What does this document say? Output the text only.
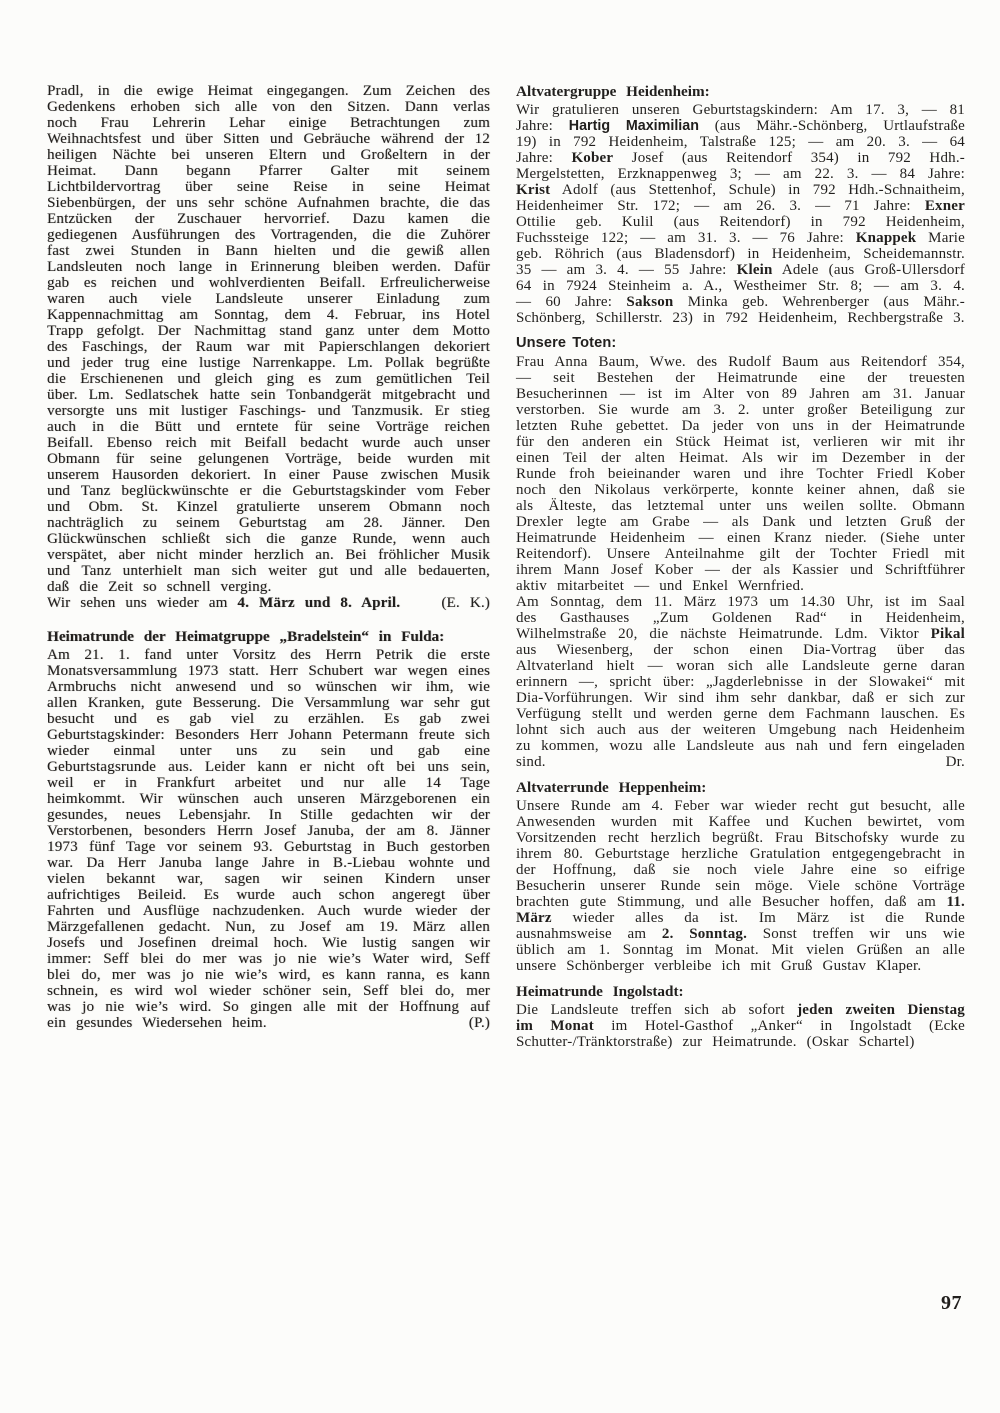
Pradl, in die ewige Heimat eingegangen. Zum Zeichen des Gedenkens erhoben sich alle von den Sitzen. Dann verlas noch Frau Lehrerin Lehar einige Betrachtungen zum Weihnachtsfest und über Sitten und Gebräuche während der 12 heiligen Nächte bei unseren Eltern und Großeltern in der Heimat. Dann begann Pfarrer Galter mit seinem Lichtbildervortrag über seine Reise in seine Heimat Siebenbürgen, der uns sehr schöne Aufnahmen brachte, die das Entzücken der Zuschauer hervorrief. Dazu kamen die gediegenen Ausführungen des Vortragenden, die die Zuhörer fast zwei Stunden in Bann hielten und die gewiß allen Landsleuten noch lange in Erinnerung bleiben werden. Dafür gab es reichen und wohlverdienten Beifall. Erfreulicherweise waren auch viele Landsleute unserer Einladung zum Kappennachmittag am Sonntag, dem 4. Februar, ins Hotel Trapp gefolgt. Der Nachmittag stand ganz unter dem Motto des Faschings, der Raum war mit Papierschlangen dekoriert und jeder trug eine lustige Narrenkappe. Lm. Pollak begrüßte die Erschienenen und gleich ging es zum gemütlichen Teil über. Lm. Sedlatschek hatte sein Tonbandgerät mitgebracht und versorgte uns mit lustiger Faschings- und Tanzmusik. Er stieg auch in die Bütt und erntete für seine Vorträge reichen Beifall. Ebenso reich mit Beifall bedacht wurde auch unser Obmann für seine gelungenen Vorträge, beide wurden mit unserem Hausorden dekoriert. In einer Pause zwischen Musik und Tanz beglückwünschte er die Geburtstagskinder vom Feber und Obm. St. Kinzel gratulierte unserem Obmann noch nachträglich zu seinem Geburtstag am 28. Jänner. Den Glückwünschen schließt sich die ganze Runde, wenn auch verspätet, aber nicht minder herzlich an. Bei fröhlicher Musik und Tanz unterhielt man sich weiter gut und alle bedauerten, daß die Zeit so schnell verging.

Wir sehen uns wieder am 4. März und 8. April.	(E. K.)

Heimatrunde der Heimatgruppe „Bradelstein“ in Fulda:

Am 21. 1. fand unter Vorsitz des Herrn Petrik die erste Monatsversammlung 1973 statt. Herr Schubert war wegen eines Armbruchs nicht anwesend und so wünschen wir ihm, wie allen Kranken, gute Besserung. Die Versammlung war sehr gut besucht und es gab viel zu erzählen. Es gab zwei Geburtstagskinder: Besonders Herr Johann Petermann freute sich wieder einmal unter uns zu sein und gab eine Geburtstagsrunde aus. Leider kann er nicht oft bei uns sein, weil er in Frankfurt arbeitet und nur alle 14 Tage heimkommt. Wir wünschen auch unseren Märzgeborenen ein gesundes, neues Lebensjahr. In Stille gedachten wir der Verstorbenen, besonders Herrn Josef Januba, der am 8. Jänner 1973 fünf Tage vor seinem 93. Geburtstag in Buch gestorben war. Da Herr Januba lange Jahre in B.-Liebau wohnte und vielen bekannt war, sagen wir seinen Kindern unser aufrichtiges Beileid. Es wurde auch schon angeregt über Fahrten und Ausflüge nachzudenken. Auch wurde wieder der Märzgefallenen gedacht. Nun, zu Josef am 19. März allen Josefs und Josefinen dreimal hoch. Wie lustig sangen wir immer: Seff blei do mer was jo nie wie’s Water wird, Seff blei do, mer was jo nie wie’s wird, es kann ranna, es kann schnein, es wird wol wieder schöner sein, Seff blei do, mer was jo nie wie’s wird. So gingen alle mit der Hoffnung auf ein gesundes Wiedersehen heim.	(P.)

Altvatergruppe Heidenheim:

Wir gratulieren unseren Geburtstagskindern: Am 17. 3, — 81 Jahre: Hartig Maximilian (aus Mähr.-Schönberg, Urtlaufstraße 19) in 792 Heidenheim, Talstraße 125; — am 20. 3. — 64 Jahre: Kober Josef (aus Reitendorf 354) in 792 Hdh.-Mergelstetten, Erzknappenweg 3; — am 22. 3. — 84 Jahre: Krist Adolf (aus Stettenhof, Schule) in 792 Hdh.-Schnaitheim, Heidenheimer Str. 172; — am 26. 3. — 71 Jahre: Exner Ottilie geb. Kulil (aus Reitendorf) in 792 Heidenheim, Fuchssteige 122; — am 31. 3. — 76 Jahre: Knappek Marie geb. Röhrich (aus Bladensdorf) in Heidenheim, Scheidemannstr. 35 — am 3. 4. — 55 Jahre: Klein Adele (aus Groß-Ullersdorf 64 in 7924 Steinheim a. A., Westheimer Str. 8; — am 3. 4. — 60 Jahre: Sakson Minka geb. Wehrenberger (aus Mähr.-Schönberg, Schillerstr. 23) in 792 Heidenheim, Rechbergstraße 3.

Unsere Toten:

Frau Anna Baum, Wwe. des Rudolf Baum aus Reitendorf 354, — seit Bestehen der Heimatrunde eine der treuesten Besucherinnen — ist im Alter von 89 Jahren am 31. Januar verstorben. Sie wurde am 3. 2. unter großer Beteiligung zur letzten Ruhe gebettet. Da jeder von uns in der Heimatrunde für den anderen ein Stück Heimat ist, verlieren wir mit ihr einen Teil der alten Heimat. Als wir im Dezember in der Runde froh beieinander waren und ihre Tochter Friedl Kober noch den Nikolaus verkörperte, konnte keiner ahnen, daß sie als Älteste, das letztemal unter uns weilen sollte. Obmann Drexler legte am Grabe — als Dank und letzten Gruß der Heimatrunde Heidenheim — einen Kranz nieder. (Siehe unter Reitendorf). Unsere Anteilnahme gilt der Tochter Friedl mit ihrem Mann Josef Kober — der als Kassier und Schriftführer aktiv mitarbeitet — und Enkel Wernfried.

Am Sonntag, dem 11. März 1973 um 14.30 Uhr, ist im Saal des Gasthauses „Zum Goldenen Rad“ in Heidenheim, Wilhelmstraße 20, die nächste Heimatrunde. Ldm. Viktor Pikal aus Wiesenberg, der schon einen Dia-Vortrag über das Altvaterland hielt — woran sich alle Landsleute gerne daran erinnern —, spricht über: „Jagderlebnisse in der Slowakei“ mit Dia-Vorführungen. Wir sind ihm sehr dankbar, daß er sich zur Verfügung stellt und werden gerne dem Fachmann lauschen. Es lohnt sich auch aus der weiteren Umgebung nach Heidenheim zu kommen, wozu alle Landsleute aus nah und fern eingeladen sind.	Dr.

Altvaterrunde Heppenheim:

Unsere Runde am 4. Feber war wieder recht gut besucht, alle Anwesenden wurden mit Kaffee und Kuchen bewirtet, vom Vorsitzenden recht herzlich begrüßt. Frau Bitschofsky wurde zu ihrem 80. Geburtstage herzliche Gratulation entgegengebracht in der Hoffnung, daß sie noch viele Jahre eine so eifrige Besucherin unserer Runde sein möge. Viele schöne Vorträge brachten gute Stimmung, und alle Besucher hoffen, daß am 11. März wieder alles da ist. Im März ist die Runde ausnahmsweise am 2. Sonntag. Sonst treffen wir uns wie üblich am 1. Sonntag im Monat. Mit vielen Grüßen an alle unsere Schönberger verbleibe ich mit Gruß Gustav Klaper.

Heimatrunde Ingolstadt:

Die Landsleute treffen sich ab sofort jeden zweiten Dienstag im Monat im Hotel-Gasthof „Anker“ in Ingolstadt (Ecke Schutter-/Tränktorstraße) zur Heimatrunde. (Oskar Schartel)

97
